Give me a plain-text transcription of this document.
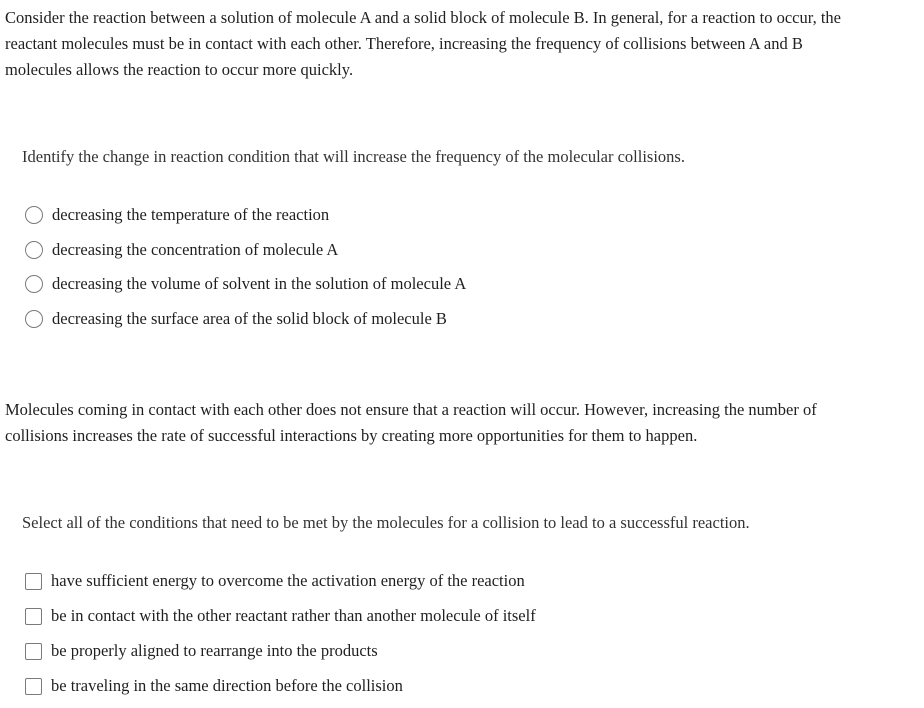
Consider the reaction between a solution of molecule A and a solid block of molecule B. In general, for a reaction to occur, the
reactant molecules must be in contact with each other. Therefore, increasing the frequency of collisions between A and B
molecules allows the reaction to occur more quickly.

Identify the change in reaction condition that will increase the frequency of the molecular collisions.

decreasing the temperature of the reaction
decreasing the concentration of molecule A
decreasing the volume of solvent in the solution of molecule A
decreasing the surface area of the solid block of molecule B
Molecules coming in contact with each other does not ensure that a reaction will occur. However, increasing the number of
collisions increases the rate of successful interactions by creating more opportunities for them to happen.

Select all of the conditions that need to be met by the molecules for a collision to lead to a successful reaction.

have sufficient energy to overcome the activation energy of the reaction
be in contact with the other reactant rather than another molecule of itself
be properly aligned to rearrange into the products
be traveling in the same direction before the collision
